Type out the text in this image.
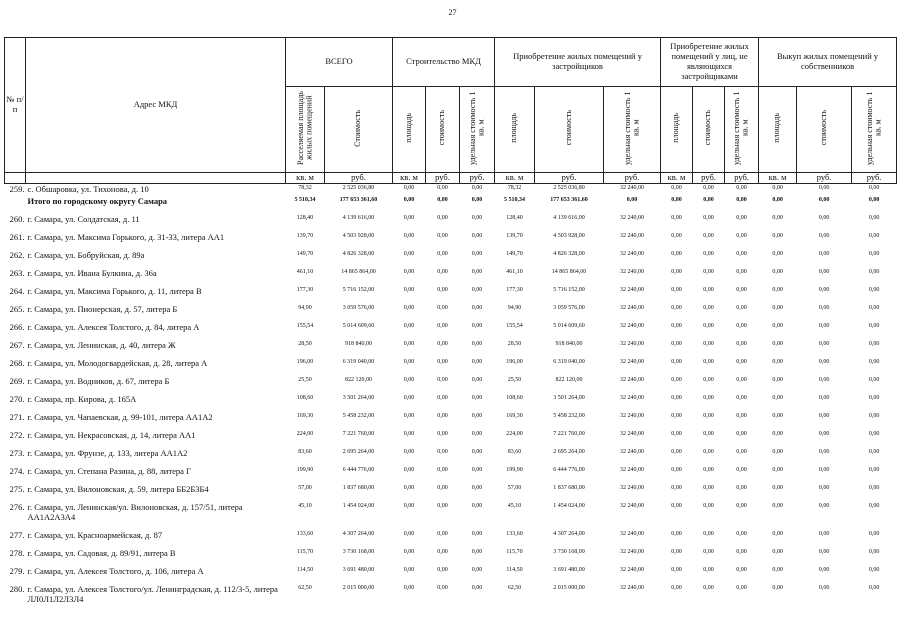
27
№ п/п	Адрес МКД	ВСЕГО		Строительство МКД			Приобретение жилых помещений у застройщиков			Приобретение жилых помещений у лиц, не являющихся застройщиками			Выкуп жилых помещений у собственников		
		Расселяемая площадь жилых помещений	Стоимость	площадь	стоимость	удельная стоимость 1 кв. м	площадь	стоимость	удельная стоимость 1 кв. м	площадь	стоимость	удельная стоимость 1 кв. м	площадь	стоимость	удельная стоимость 1 кв. м
		кв. м	руб.	кв. м	руб.	руб.	кв. м	руб.	руб.	кв. м	руб.	руб.	кв. м	руб.	руб.
259.	с. Обшаровка, ул. Тихонова, д. 10	78,32	2 525 036,80	0,00	0,00	0,00	78,32	2 525 036,80	32 240,00	0,00	0,00	0,00	0,00	0,00	0,00
	Итого по городскому округу Самара	5 510,34	177 653 361,60	0,00	0,00	0,00	5 510,34	177 653 361,60	0,00	0,00	0,00	0,00	0,00	0,00	0,00
260.	г. Самара, ул. Солдатская, д. 11	128,40	4 139 616,00	0,00	0,00	0,00	128,40	4 139 616,00	32 240,00	0,00	0,00	0,00	0,00	0,00	0,00
261.	г. Самара, ул. Максима Горького, д. 31-33, литера АА1	139,70	4 503 928,00	0,00	0,00	0,00	139,70	4 503 928,00	32 240,00	0,00	0,00	0,00	0,00	0,00	0,00
262.	г. Самара, ул. Бобруйская, д. 89а	149,70	4 826 328,00	0,00	0,00	0,00	149,70	4 826 328,00	32 240,00	0,00	0,00	0,00	0,00	0,00	0,00
263.	г. Самара, ул. Ивана Булкина, д. 36а	461,10	14 865 864,00	0,00	0,00	0,00	461,10	14 865 864,00	32 240,00	0,00	0,00	0,00	0,00	0,00	0,00
264.	г. Самара, ул. Максима Горького, д. 11, литера В	177,30	5 716 152,00	0,00	0,00	0,00	177,30	5 716 152,00	32 240,00	0,00	0,00	0,00	0,00	0,00	0,00
265.	г. Самара, ул. Пионерская, д. 57, литера Б	94,90	3 059 576,00	0,00	0,00	0,00	94,90	3 059 576,00	32 240,00	0,00	0,00	0,00	0,00	0,00	0,00
266.	г. Самара, ул. Алексея Толстого, д. 84, литера А	155,54	5 014 609,60	0,00	0,00	0,00	155,54	5 014 609,60	32 240,00	0,00	0,00	0,00	0,00	0,00	0,00
267.	г. Самара, ул. Ленинская, д. 40, литера Ж	28,50	918 840,00	0,00	0,00	0,00	28,50	918 840,00	32 240,00	0,00	0,00	0,00	0,00	0,00	0,00
268.	г. Самара, ул. Молодогвардейская, д. 28, литера А	196,00	6 319 040,00	0,00	0,00	0,00	196,00	6 319 040,00	32 240,00	0,00	0,00	0,00	0,00	0,00	0,00
269.	г. Самара, ул. Водников, д. 67, литера Б	25,50	822 120,00	0,00	0,00	0,00	25,50	822 120,00	32 240,00	0,00	0,00	0,00	0,00	0,00	0,00
270.	г. Самара, пр. Кирова, д. 165А	108,60	3 501 264,00	0,00	0,00	0,00	108,60	3 501 264,00	32 240,00	0,00	0,00	0,00	0,00	0,00	0,00
271.	г. Самара, ул. Чапаевская, д. 99-101, литера АА1А2	169,30	5 458 232,00	0,00	0,00	0,00	169,30	5 458 232,00	32 240,00	0,00	0,00	0,00	0,00	0,00	0,00
272.	г. Самара, ул. Некрасовская, д. 14, литера АА1	224,00	7 221 760,00	0,00	0,00	0,00	224,00	7 221 760,00	32 240,00	0,00	0,00	0,00	0,00	0,00	0,00
273.	г. Самара, ул. Фрунзе, д. 133, литера АА1А2	83,60	2 695 264,00	0,00	0,00	0,00	83,60	2 695 264,00	32 240,00	0,00	0,00	0,00	0,00	0,00	0,00
274.	г. Самара, ул. Степана Разина, д. 88, литера Г	199,90	6 444 776,00	0,00	0,00	0,00	199,90	6 444 776,00	32 240,00	0,00	0,00	0,00	0,00	0,00	0,00
275.	г. Самара, ул. Вилоновская, д. 59, литера ББ2Б3Б4	57,00	1 837 680,00	0,00	0,00	0,00	57,00	1 837 680,00	32 240,00	0,00	0,00	0,00	0,00	0,00	0,00
276.	г. Самара, ул. Ленинская/ул. Вилоновская, д. 157/51, литера АА1А2А3А4	45,10	1 454 024,00	0,00	0,00	0,00	45,10	1 454 024,00	32 240,00	0,00	0,00	0,00	0,00	0,00	0,00
277.	г. Самара, ул. Красноармейская, д. 87	133,60	4 307 264,00	0,00	0,00	0,00	133,60	4 307 264,00	32 240,00	0,00	0,00	0,00	0,00	0,00	0,00
278.	г. Самара, ул. Садовая, д. 89/91, литера В	115,70	3 730 168,00	0,00	0,00	0,00	115,70	3 730 168,00	32 240,00	0,00	0,00	0,00	0,00	0,00	0,00
279.	г. Самара, ул. Алексея Толстого, д. 106, литера А	114,50	3 691 480,00	0,00	0,00	0,00	114,50	3 691 480,00	32 240,00	0,00	0,00	0,00	0,00	0,00	0,00
280.	г. Самара, ул. Алексея Толстого/ул. Ленинградская, д. 112/3-5, литера ЛЛ0Л1Л2Л3Л4	62,50	2 015 000,00	0,00	0,00	0,00	62,50	2 015 000,00	32 240,00	0,00	0,00	0,00	0,00	0,00	0,00
